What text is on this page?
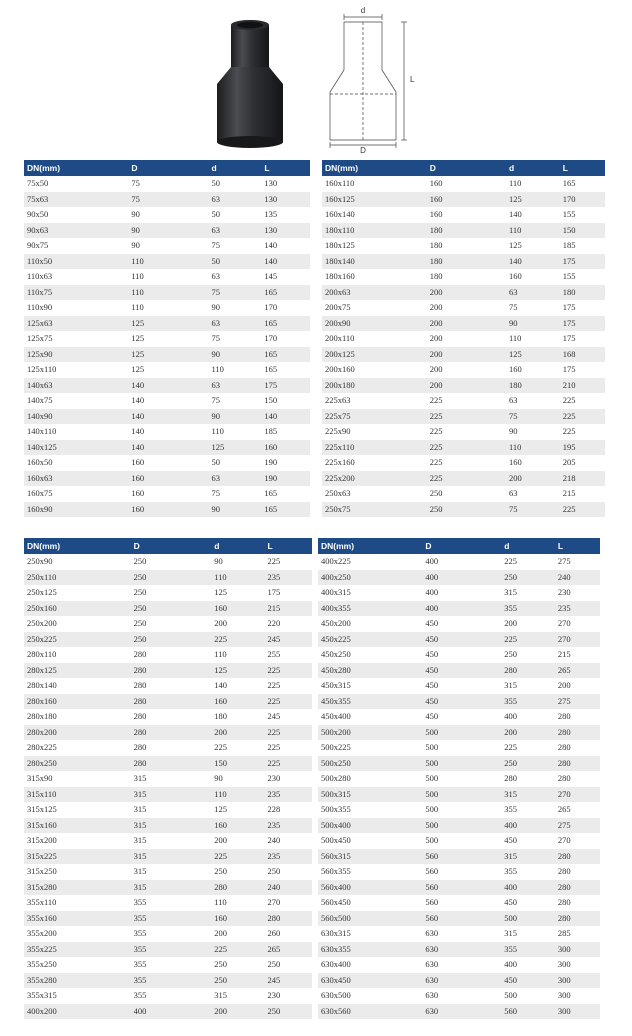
d
D
L
DN(mm)	D	d	L
75x50	75	50	130
75x63	75	63	130
90x50	90	50	135
90x63	90	63	130
90x75	90	75	140
110x50	110	50	140
110x63	110	63	145
110x75	110	75	165
110x90	110	90	170
125x63	125	63	165
125x75	125	75	170
125x90	125	90	165
125x110	125	110	165
140x63	140	63	175
140x75	140	75	150
140x90	140	90	140
140x110	140	110	185
140x125	140	125	160
160x50	160	50	190
160x63	160	63	190
160x75	160	75	165
160x90	160	90	165
DN(mm)	D	d	L
160x110	160	110	165
160x125	160	125	170
160x140	160	140	155
180x110	180	110	150
180x125	180	125	185
180x140	180	140	175
180x160	180	160	155
200x63	200	63	180
200x75	200	75	175
200x90	200	90	175
200x110	200	110	175
200x125	200	125	168
200x160	200	160	175
200x180	200	180	210
225x63	225	63	225
225x75	225	75	225
225x90	225	90	225
225x110	225	110	195
225x160	225	160	205
225x200	225	200	218
250x63	250	63	215
250x75	250	75	225
DN(mm)	D	d	L
250x90	250	90	225
250x110	250	110	235
250x125	250	125	175
250x160	250	160	215
250x200	250	200	220
250x225	250	225	245
280x110	280	110	255
280x125	280	125	225
280x140	280	140	225
280x160	280	160	225
280x180	280	180	245
280x200	280	200	225
280x225	280	225	225
280x250	280	150	225
315x90	315	90	230
315x110	315	110	235
315x125	315	125	228
315x160	315	160	235
315x200	315	200	240
315x225	315	225	235
315x250	315	250	250
315x280	315	280	240
355x110	355	110	270
355x160	355	160	280
355x200	355	200	260
355x225	355	225	265
355x250	355	250	250
355x280	355	250	245
355x315	355	315	230
400x200	400	200	250
DN(mm)	D	d	L
400x225	400	225	275
400x250	400	250	240
400x315	400	315	230
400x355	400	355	235
450x200	450	200	270
450x225	450	225	270
450x250	450	250	215
450x280	450	280	265
450x315	450	315	200
450x355	450	355	275
450x400	450	400	280
500x200	500	200	280
500x225	500	225	280
500x250	500	250	280
500x280	500	280	280
500x315	500	315	270
500x355	500	355	265
500x400	500	400	275
500x450	500	450	270
560x315	560	315	280
560x355	560	355	280
560x400	560	400	280
560x450	560	450	280
560x500	560	500	280
630x315	630	315	285
630x355	630	355	300
630x400	630	400	300
630x450	630	450	300
630x500	630	500	300
630x560	630	560	300
